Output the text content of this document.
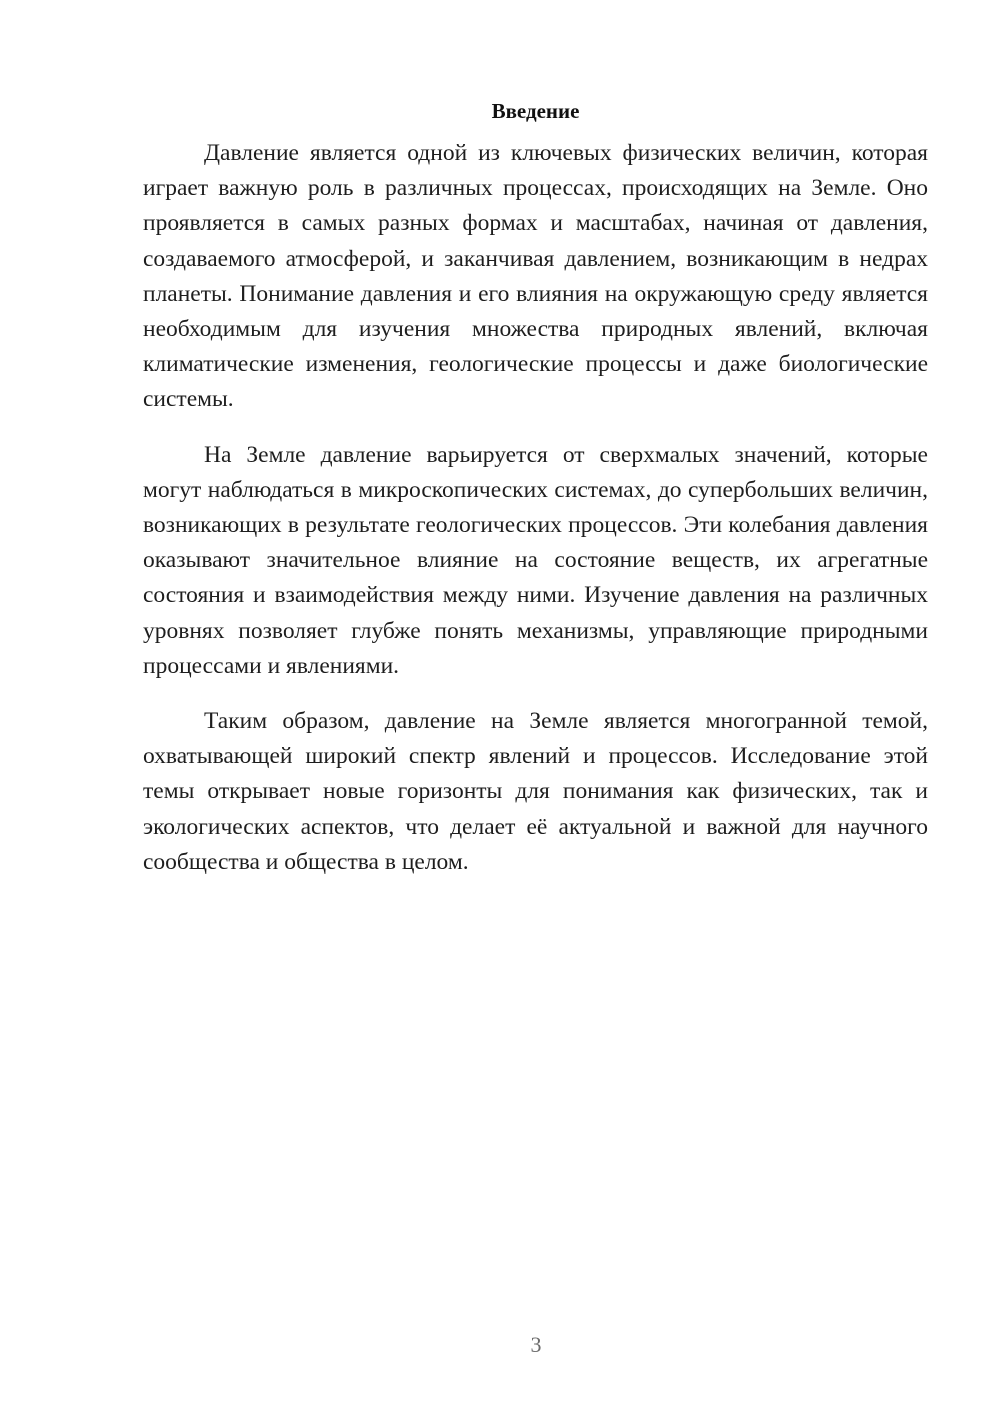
Введение

Давление является одной из ключевых физических величин, которая играет важную роль в различных процессах, происходящих на Земле. Оно проявляется в самых разных формах и масштабах, начиная от давления, создаваемого атмосферой, и заканчивая давлением, возникающим в недрах планеты. Понимание давления и его влияния на окружающую среду является необходимым для изучения множества природных явлений, включая климатические изменения, геологические процессы и даже биологические системы.

На Земле давление варьируется от сверхмалых значений, которые могут наблюдаться в микроскопических системах, до супербольших величин, возникающих в результате геологических процессов. Эти колебания давления оказывают значительное влияние на состояние веществ, их агрегатные состояния и взаимодействия между ними. Изучение давления на различных уровнях позволяет глубже понять механизмы, управляющие природными процессами и явлениями.

Таким образом, давление на Земле является многогранной темой, охватывающей широкий спектр явлений и процессов. Исследование этой темы открывает новые горизонты для понимания как физических, так и экологических аспектов, что делает её актуальной и важной для научного сообщества и общества в целом.

3
